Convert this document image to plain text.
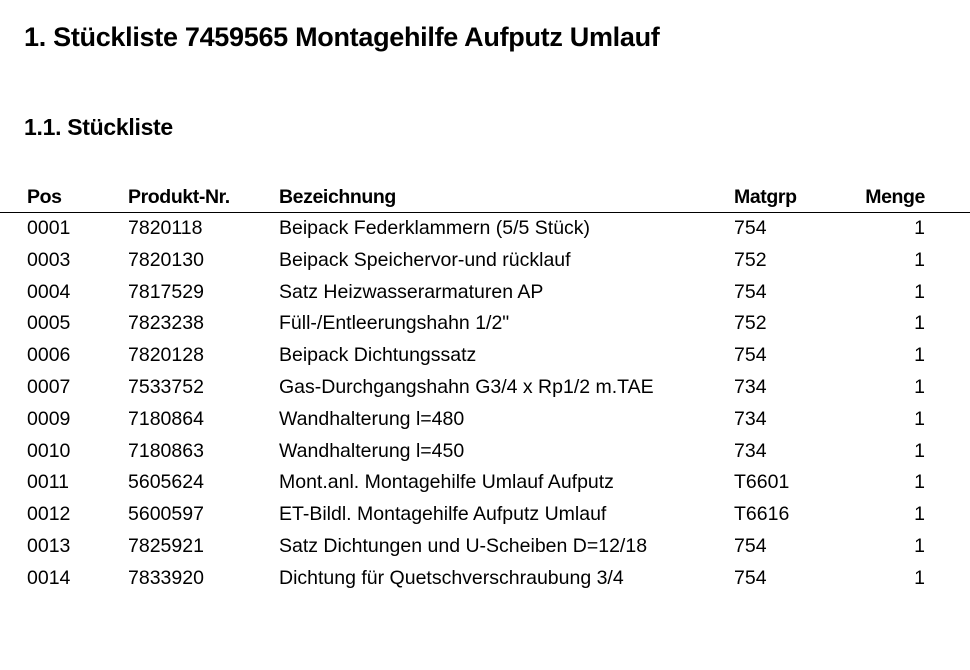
1. Stückliste 7459565 Montagehilfe Aufputz Umlauf
1.1. Stückliste
Pos	Produkt-Nr.	Bezeichnung	Matgrp	Menge
0001	7820118	Beipack Federklammern (5/5 Stück)	754	1
0003	7820130	Beipack Speichervor-und rücklauf	752	1
0004	7817529	Satz Heizwasserarmaturen AP	754	1
0005	7823238	Füll-/Entleerungshahn 1/2"	752	1
0006	7820128	Beipack Dichtungssatz	754	1
0007	7533752	Gas-Durchgangshahn G3/4 x Rp1/2 m.TAE	734	1
0009	7180864	Wandhalterung l=480	734	1
0010	7180863	Wandhalterung l=450	734	1
0011	5605624	Mont.anl. Montagehilfe Umlauf Aufputz	T6601	1
0012	5600597	ET-Bildl. Montagehilfe Aufputz Umlauf	T6616	1
0013	7825921	Satz Dichtungen und U-Scheiben D=12/18	754	1
0014	7833920	Dichtung für Quetschverschraubung 3/4	754	1
